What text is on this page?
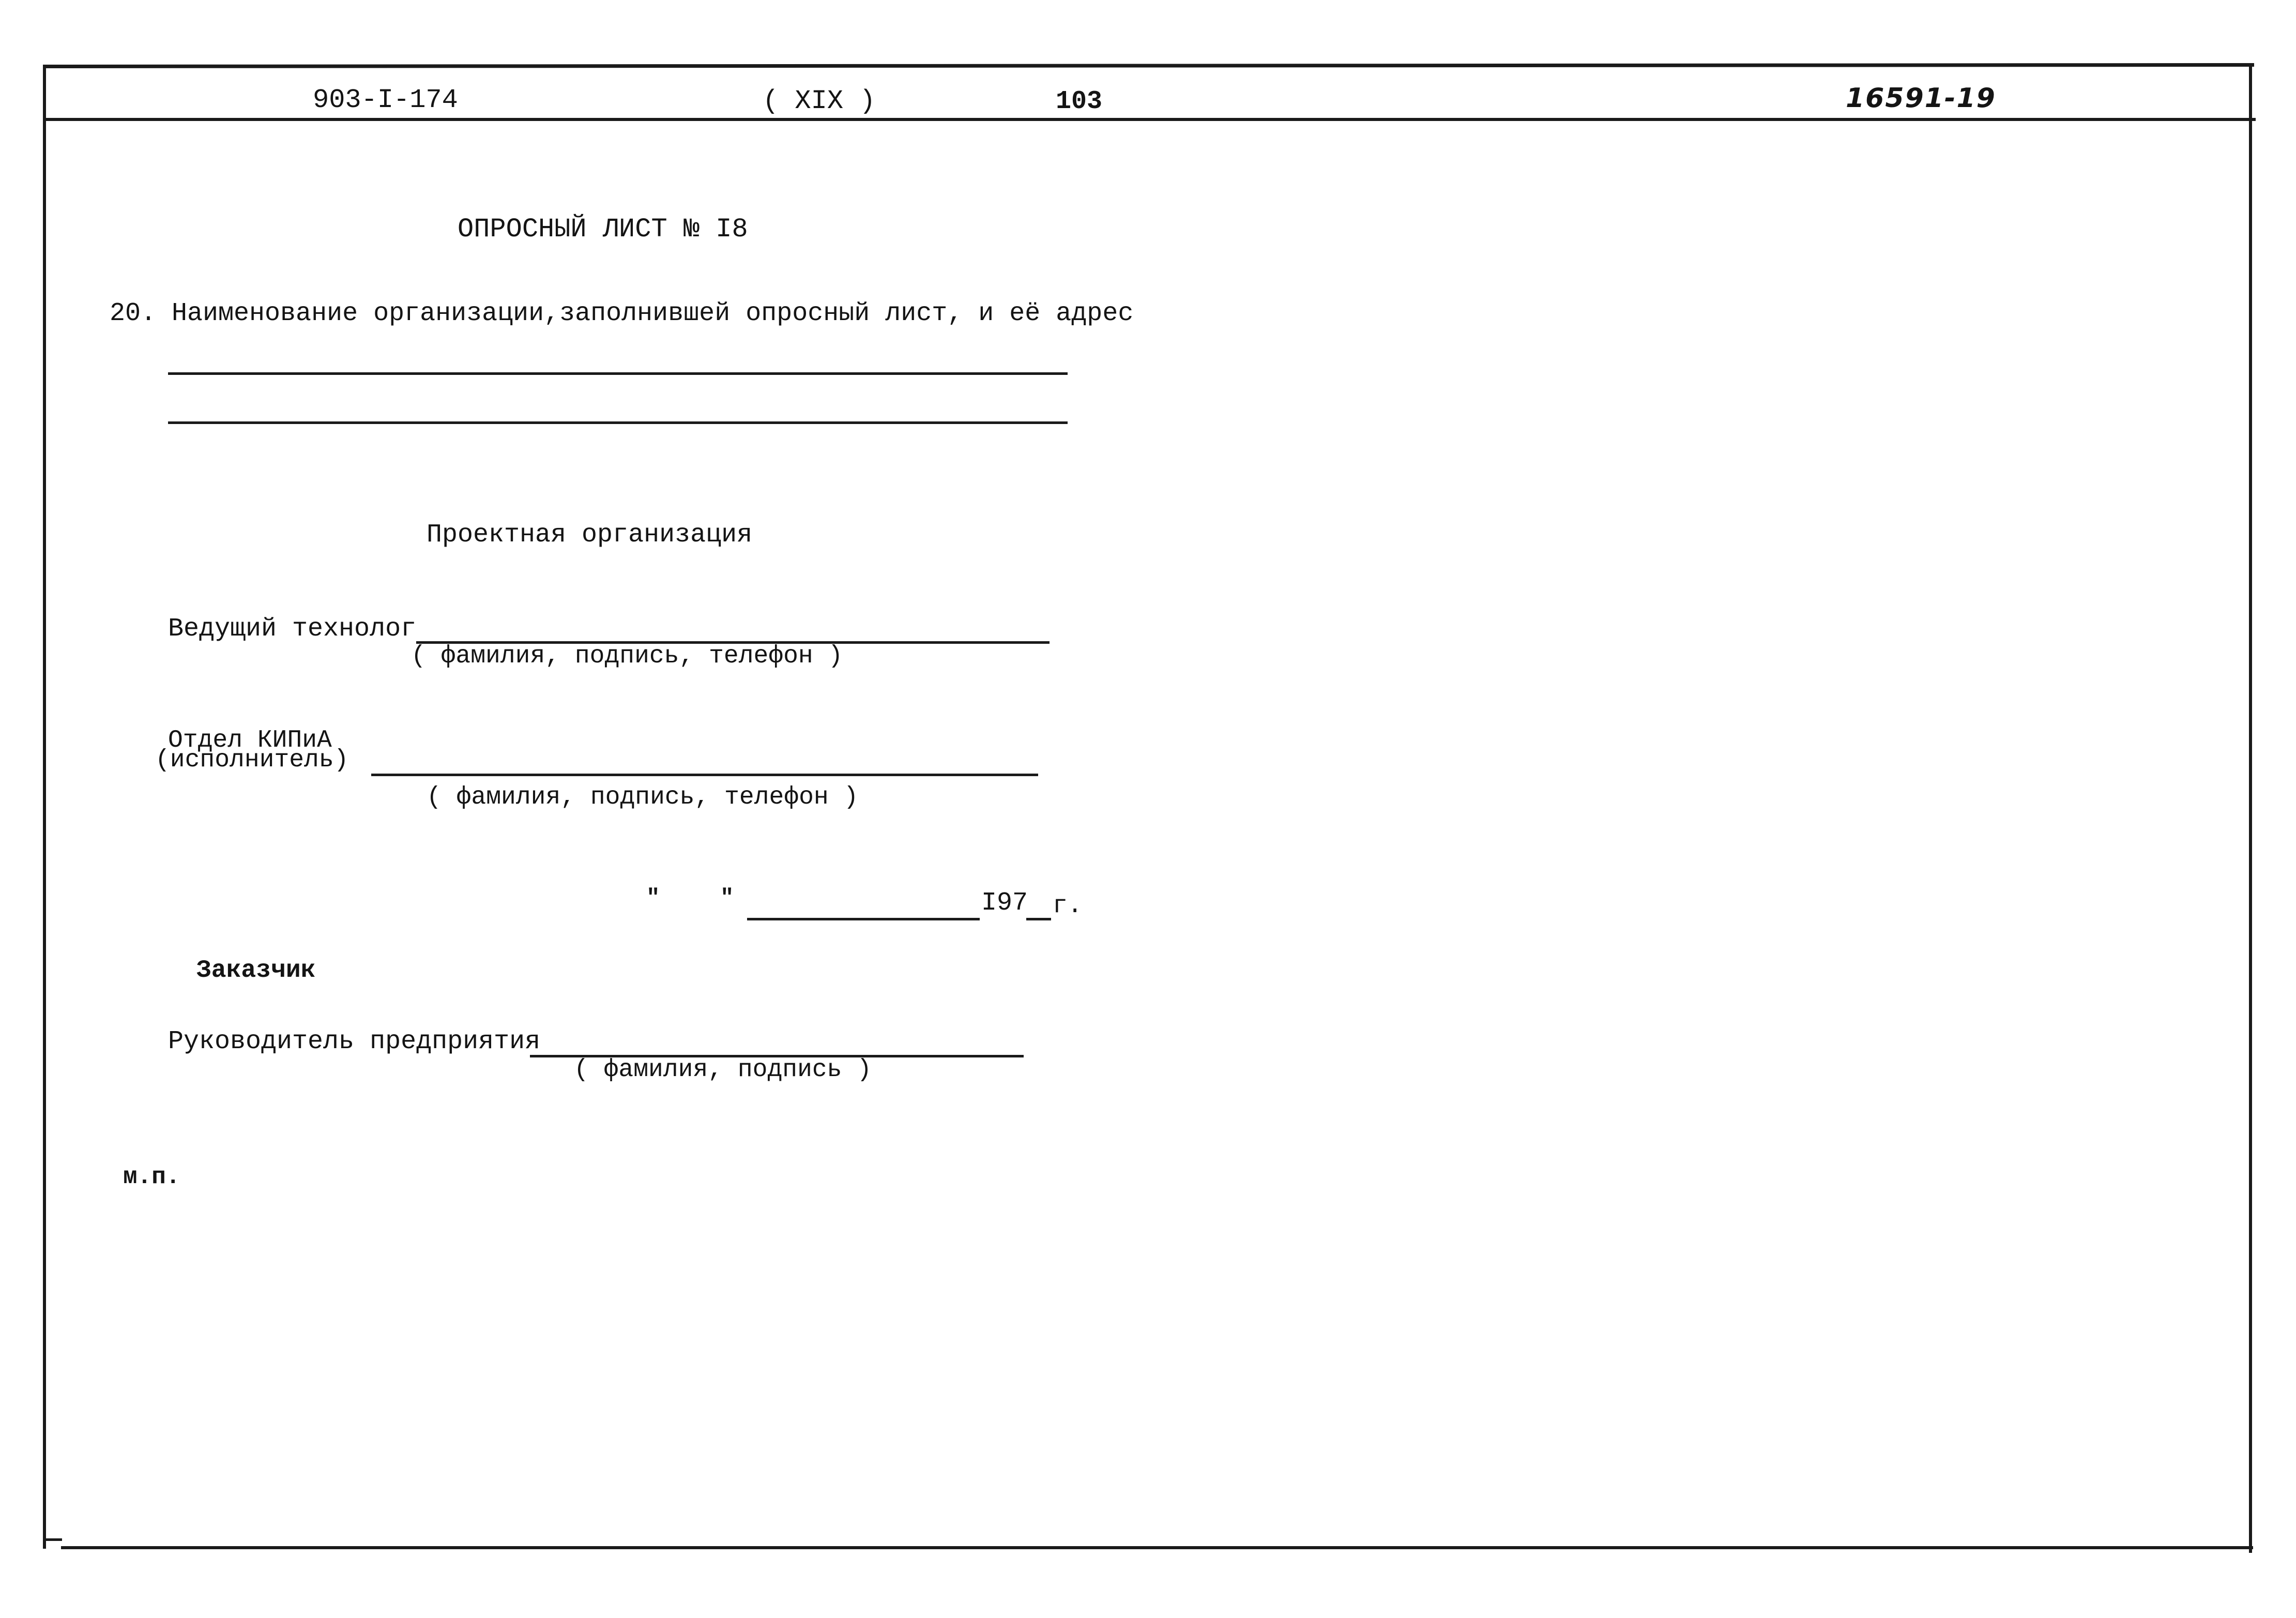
903-I-174	( XIX )	103	16591-19
ОПРОСНЫЙ ЛИСТ № I8
20. Наименование организации,заполнившей опросный лист, и её адрес
Проектная организация
Ведущий технолог
( фамилия, подпись, телефон )
Отдел КИПиА
(исполнитель)
( фамилия, подпись, телефон )
"	"	I97 г.
Заказчик
Руководитель предприятия
( фамилия, подпись )
м.п.
